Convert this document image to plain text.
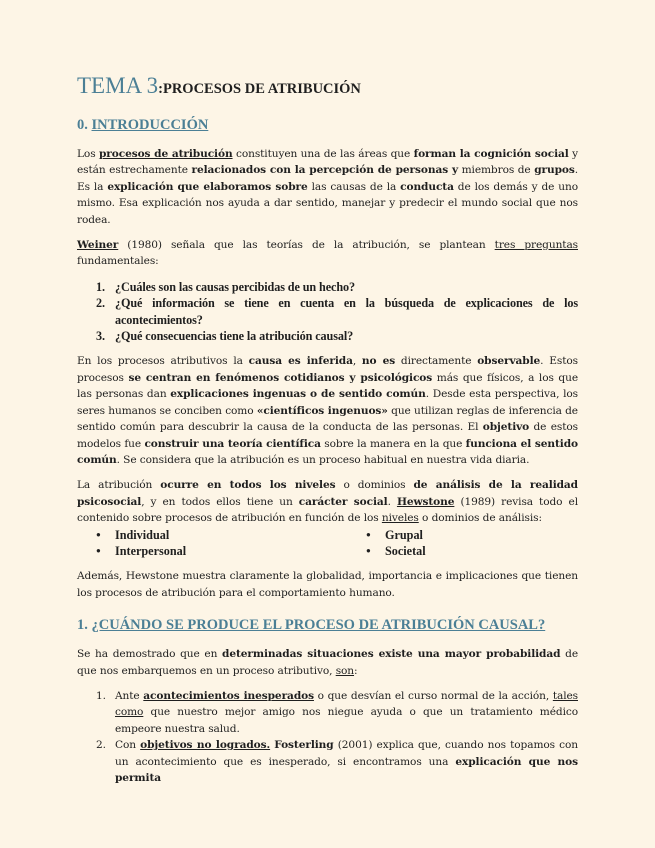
TEMA 3:PROCESOS DE ATRIBUCIÓN
0. INTRODUCCIÓN

Los procesos de atribución constituyen una de las áreas que forman la cognición social y están estrechamente relacionados con la percepción de personas y miembros de grupos. Es la explicación que elaboramos sobre las causas de la conducta de los demás y de uno mismo. Esa explicación nos ayuda a dar sentido, manejar y predecir el mundo social que nos rodea.

Weiner (1980) señala que las teorías de la atribución, se plantean tres preguntas fundamentales:

1. ¿Cuáles son las causas percibidas de un hecho?
2. ¿Qué información se tiene en cuenta en la búsqueda de explicaciones de los acontecimientos?
3. ¿Qué consecuencias tiene la atribución causal?

En los procesos atributivos la causa es inferida, no es directamente observable. Estos procesos se centran en fenómenos cotidianos y psicológicos más que físicos, a los que las personas dan explicaciones ingenuas o de sentido común. Desde esta perspectiva, los seres humanos se conciben como «científicos ingenuos» que utilizan reglas de inferencia de sentido común para descubrir la causa de la conducta de las personas. El objetivo de estos modelos fue construir una teoría científica sobre la manera en la que funciona el sentido común. Se considera que la atribución es un proceso habitual en nuestra vida diaria.

La atribución ocurre en todos los niveles o dominios de análisis de la realidad psicosocial, y en todos ellos tiene un carácter social. Hewstone (1989) revisa todo el contenido sobre procesos de atribución en función de los niveles o dominios de análisis:

● Individual	● Grupal
● Interpersonal	● Societal

Además, Hewstone muestra claramente la globalidad, importancia e implicaciones que tienen los procesos de atribución para el comportamiento humano.

1. ¿CUÁNDO SE PRODUCE EL PROCESO DE ATRIBUCIÓN CAUSAL?

Se ha demostrado que en determinadas situaciones existe una mayor probabilidad de que nos embarquemos en un proceso atributivo, son:

1. Ante acontecimientos inesperados o que desvían el curso normal de la acción, tales como que nuestro mejor amigo nos niegue ayuda o que un tratamiento médico empeore nuestra salud.
2. Con objetivos no logrados. Fosterling (2001) explica que, cuando nos topamos con un acontecimiento que es inesperado, si encontramos una explicación que nos permita
